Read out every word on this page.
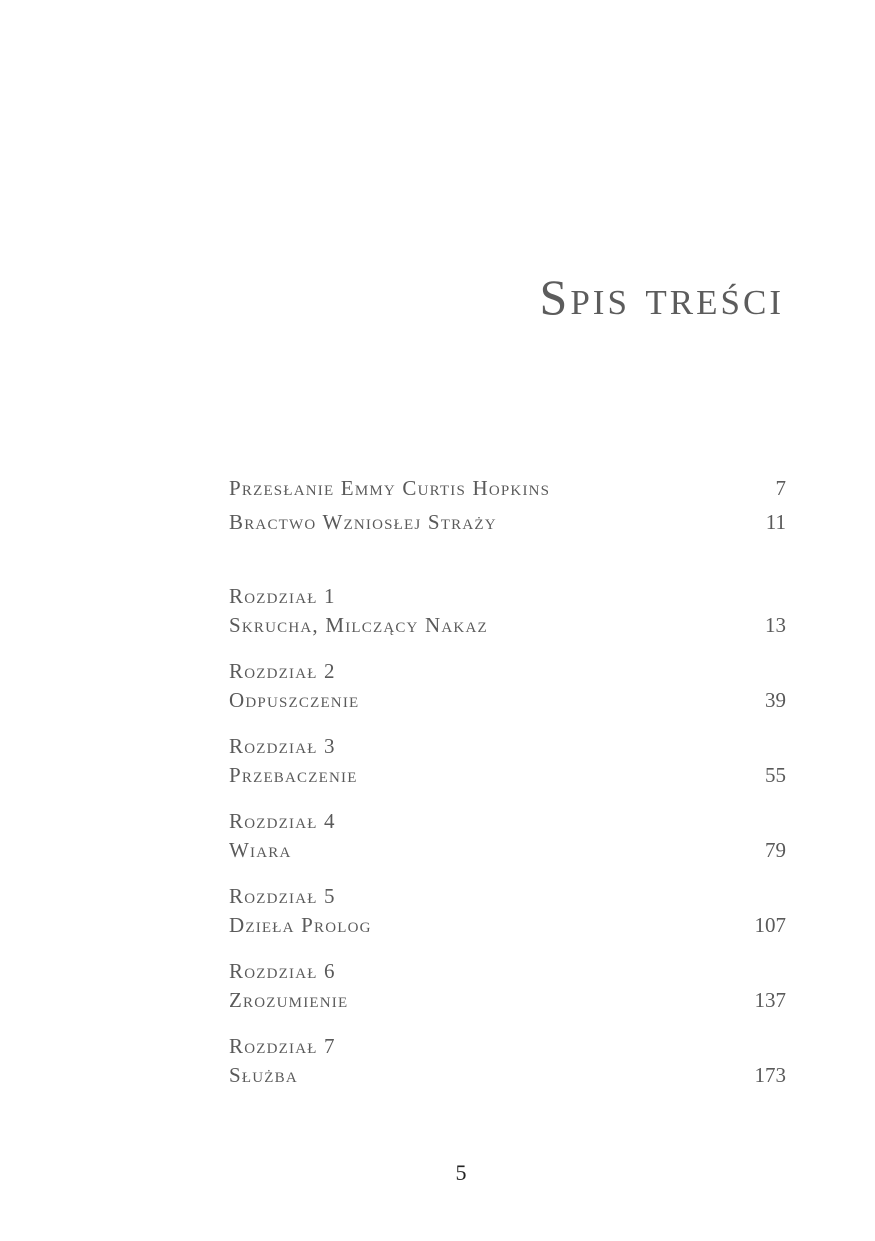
Spis treści
Przesłanie Emmy Curtis Hopkins	7
Bractwo Wzniosłej Straży	11
Rozdział 1
Skrucha, Milczący Nakaz	13
Rozdział 2
Odpuszczenie	39
Rozdział 3
Przebaczenie	55
Rozdział 4
Wiara	79
Rozdział 5
Dzieła Prolog	107
Rozdział 6
Zrozumienie	137
Rozdział 7
Służba	173
5
